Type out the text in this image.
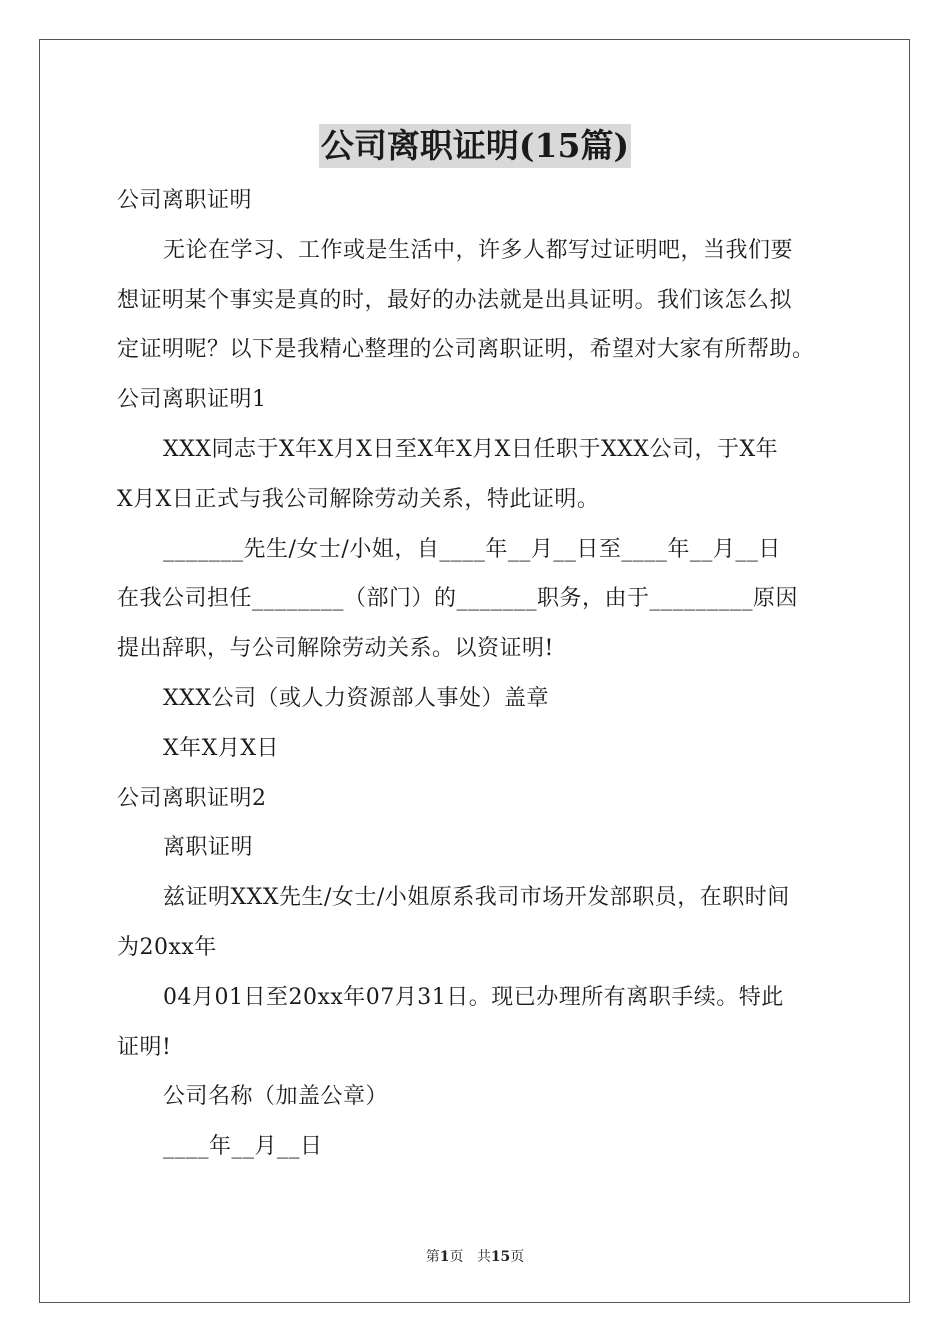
公司离职证明(15篇)
公司离职证明
无论在学习、工作或是生活中，许多人都写过证明吧，当我们要
想证明某个事实是真的时，最好的办法就是出具证明。我们该怎么拟
定证明呢？以下是我精心整理的公司离职证明，希望对大家有所帮助。
公司离职证明1
XXX同志于X年X月X日至X年X月X日任职于XXX公司，于X年
X月X日正式与我公司解除劳动关系，特此证明。
_______先生/女士/小姐，自____年__月__日至____年__月__日
在我公司担任________（部门）的_______职务，由于_________原因
提出辞职，与公司解除劳动关系。以资证明!
XXX公司（或人力资源部人事处）盖章
X年X月X日
公司离职证明2
离职证明
兹证明XXX先生/女士/小姐原系我司市场开发部职员，在职时间
为20xx年
04月01日至20xx年07月31日。现已办理所有离职手续。特此
证明!
公司名称（加盖公章）
____年__月__日
第1页 共15页
